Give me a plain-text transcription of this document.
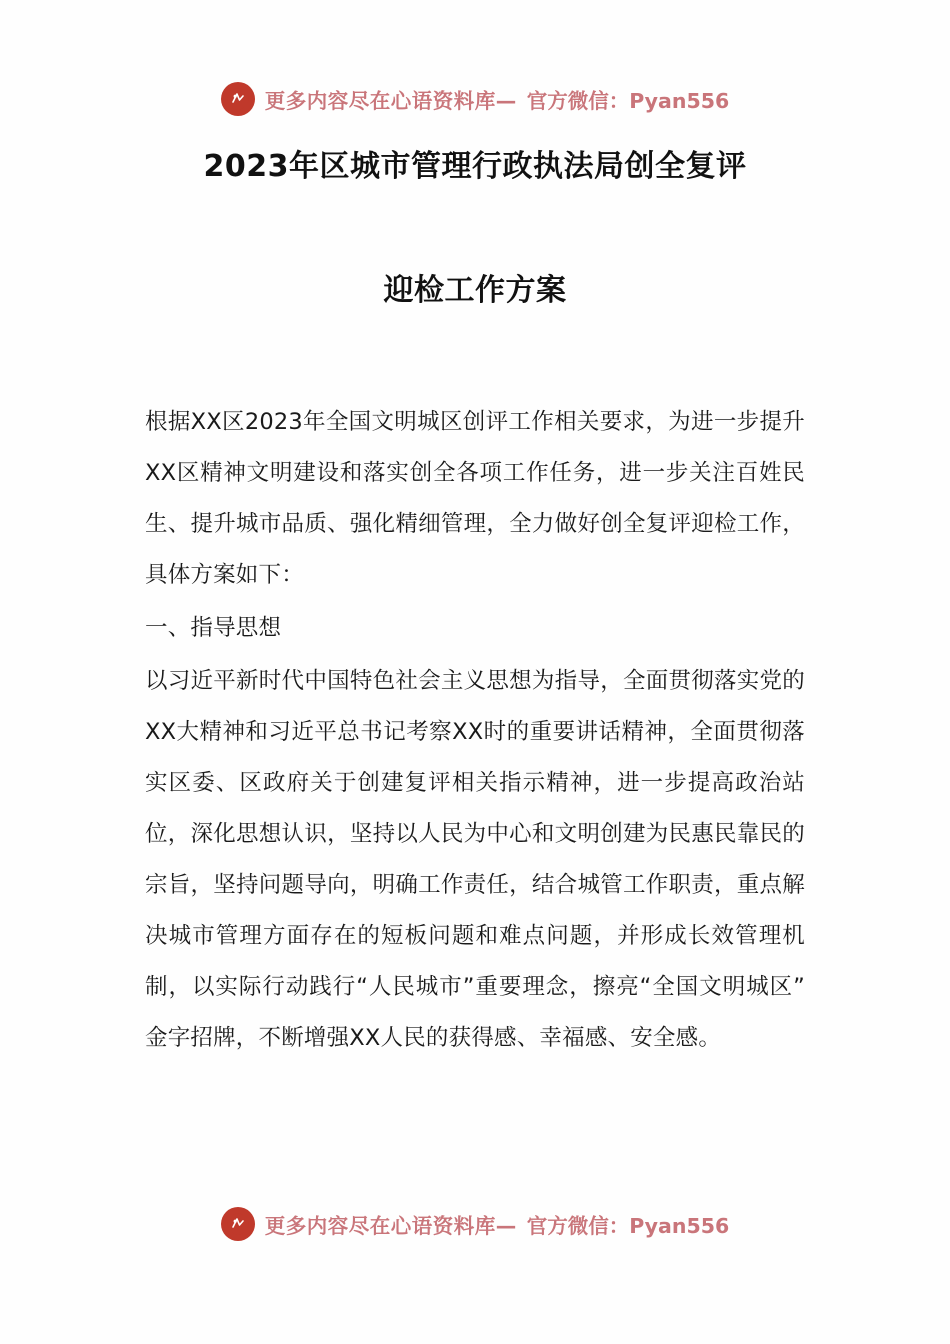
更多内容尽在心语资料库— 官方微信：Pyan556
2023年区城市管理行政执法局创全复评
迎检工作方案

根据XX区2023年全国文明城区创评工作相关要求，为进一步提升XX区精神文明建设和落实创全各项工作任务，进一步关注百姓民生、提升城市品质、强化精细管理，全力做好创全复评迎检工作，具体方案如下：

一、指导思想

以习近平新时代中国特色社会主义思想为指导，全面贯彻落实党的XX大精神和习近平总书记考察XX时的重要讲话精神，全面贯彻落实区委、区政府关于创建复评相关指示精神，进一步提高政治站位，深化思想认识，坚持以人民为中心和文明创建为民惠民靠民的宗旨，坚持问题导向，明确工作责任，结合城管工作职责，重点解决城市管理方面存在的短板问题和难点问题，并形成长效管理机制，以实际行动践行“人民城市”重要理念，擦亮“全国文明城区”金字招牌，不断增强XX人民的获得感、幸福感、安全感。

更多内容尽在心语资料库— 官方微信：Pyan556
